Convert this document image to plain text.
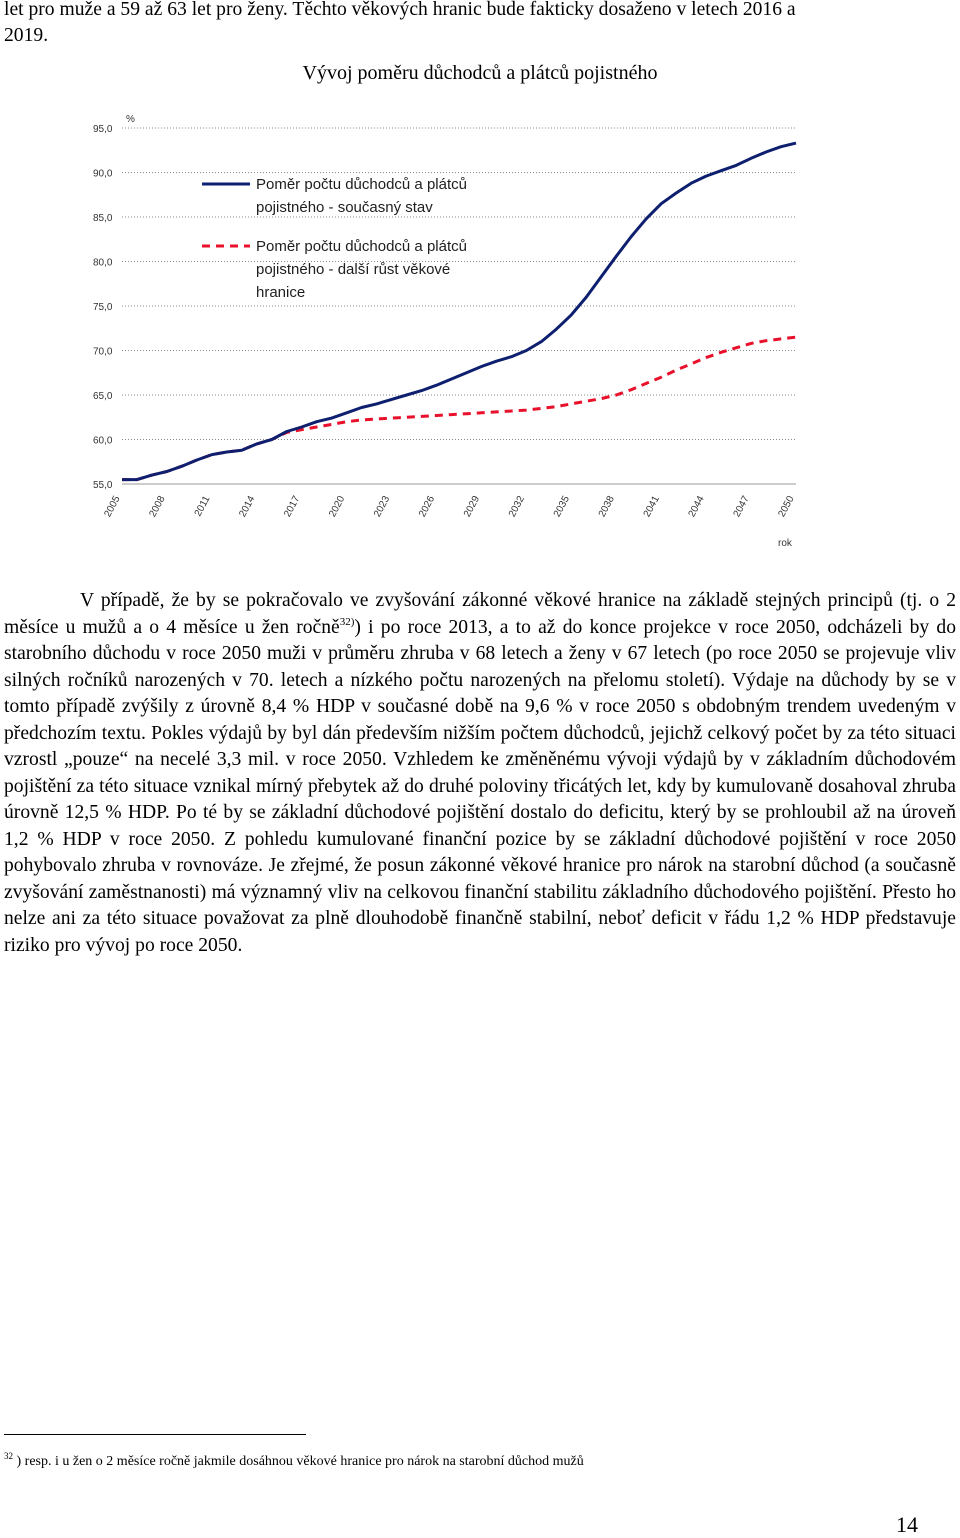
let pro muže a 59 až 63 let pro ženy. Těchto věkových hranic bude fakticky dosaženo v letech 2016 a
2019.
Vývoj poměru důchodců a plátců pojistného
95,0
90,0
85,0
80,0
75,0
70,0
65,0
60,0
55,0
2005 2008	2011 2014 2017 2020 2023 2026 2029 2032 2035 2038 2041 2044 2047 2050
Poměr počtu důchodců a plátců
pojistného - současný stav
Poměr počtu důchodců a plátců
pojistného - další růst věkové
hranice
%
rok

V případě, že by se pokračovalo ve zvyšování zákonné věkové hranice na základě stejných principů (tj. o 2 měsíce u mužů a o 4 měsíce u žen ročně$^{32)}$) i po roce 2013, a to až do konce projekce v roce 2050, odcházeli by do starobního důchodu v roce 2050 muži v průměru zhruba v 68 letech a ženy v 67 letech (po roce 2050 se projevuje vliv silných ročníků narozených v 70. letech a nízkého počtu narozených na přelomu století). Výdaje na důchody by se v tomto případě zvýšily z úrovně 8,4 % HDP v současné době na 9,6 % v roce 2050 s obdobným trendem uvedeným v předchozím textu. Pokles výdajů by byl dán především nižším počtem důchodců, jejichž celkový počet by za této situaci vzrostl „pouze“ na necelé 3,3 mil. v roce 2050. Vzhledem ke změněnému vývoji výdajů by v základním důchodovém pojištění za této situace vznikal mírný přebytek až do druhé poloviny třicátých let, kdy by kumulovaně dosahoval zhruba úrovně 12,5 % HDP. Po té by se základní důchodové pojištění dostalo do deficitu, který by se prohloubil až na úroveň 1,2 % HDP v roce 2050. Z pohledu kumulované finanční pozice by se základní důchodové pojištění v roce 2050 pohybovalo zhruba v rovnováze. Je zřejmé, že posun zákonné věkové hranice pro nárok na starobní důchod (a současně zvyšování zaměstnanosti) má významný vliv na celkovou finanční stabilitu základního důchodového pojištění. Přesto ho nelze ani za této situace považovat za plně dlouhodobě finančně stabilní, neboť deficit v řádu 1,2 % HDP představuje riziko pro vývoj po roce 2050.

$^{32}$ ) resp. i u žen o 2 měsíce ročně jakmile dosáhnou věkové hranice pro nárok na starobní důchod mužů
14
